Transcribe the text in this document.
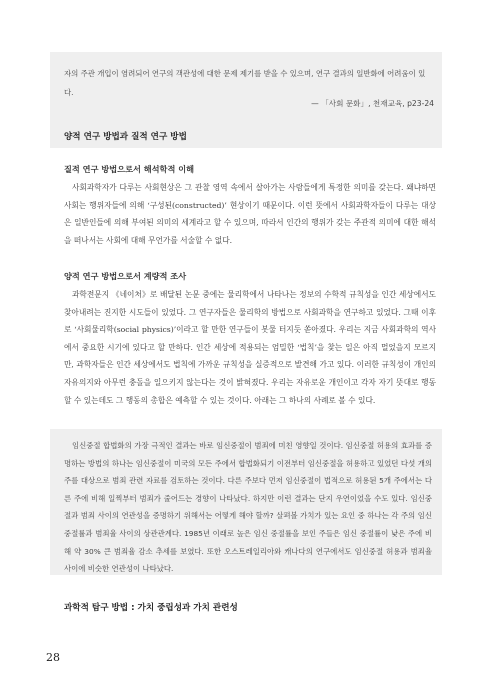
자의 주관 개입이 염려되어 연구의 객관성에 대한 문제 제기를 받을 수 있으며, 연구 결과의 일반화에 어려움이 있다.
— 「사회 문화」, 천재교육, p23-24
양적 연구 방법과 질적 연구 방법
질적 연구 방법으로서 해석학적 이해

사회과학자가 다루는 사회현상은 그 관찰 영역 속에서 살아가는 사람들에게 특정한 의미를 갖는다. 왜냐하면 사회는 행위자들에 의해 ‘구성된(constructed)’ 현상이기 때문이다. 이런 뜻에서 사회과학자들이 다루는 대상은 일반인들에 의해 부여된 의미의 세계라고 할 수 있으며, 따라서 인간의 행위가 갖는 주관적 의미에 대한 해석을 떠나서는 사회에 대해 무언가를 서술할 수 없다.

양적 연구 방법으로서 계량적 조사

과학전문지 《네이처》로 배달된 논문 중에는 물리학에서 나타나는 정보의 수학적 규칙성을 인간 세상에서도 찾아내려는 진지한 시도들이 있었다. 그 연구자들은 물리학의 방법으로 사회과학을 연구하고 있었다. 그때 이후로 ‘사회물리학(social physics)’이라고 할 만한 연구들이 봇물 터지듯 쏟아졌다. 우리는 지금 사회과학의 역사에서 중요한 시기에 있다고 할 만하다. 인간 세상에 적용되는 엄밀한 ‘법칙’을 찾는 일은 아직 멀었을지 모르지만, 과학자들은 인간 세상에서도 법칙에 가까운 규칙성을 실증적으로 발견해 가고 있다. 이러한 규칙성이 개인의 자유의지와 아무런 충돌을 일으키지 않는다는 것이 밝혀졌다. 우리는 자유로운 개인이고 각자 자기 뜻대로 행동할 수 있는데도 그 행동의 총합은 예측할 수 있는 것이다. 아래는 그 하나의 사례로 볼 수 있다.

임신중절 합법화의 가장 극적인 결과는 바로 임신중절이 범죄에 미친 영향일 것이다. 임신중절 허용의 효과를 증명하는 방법의 하나는 임신중절이 미국의 모든 주에서 합법화되기 이전부터 임신중절을 허용하고 있었던 다섯 개의 주를 대상으로 범죄 관련 자료를 검토하는 것이다. 다른 주보다 먼저 임신중절이 법적으로 허용된 5개 주에서는 다른 주에 비해 일찍부터 범죄가 줄어드는 경향이 나타났다. 하지만 이런 결과는 단지 우연이었을 수도 있다. 임신중절과 범죄 사이의 연관성을 증명하기 위해서는 어떻게 해야 할까? 살펴볼 가치가 있는 요인 중 하나는 각 주의 임신 중절률과 범죄율 사이의 상관관계다. 1985년 이래로 높은 임신 중절률을 보인 주들은 임신 중절률이 낮은 주에 비해 약 30% 큰 범죄율 감소 추세를 보였다. 또한 오스트레일리아와 캐나다의 연구에서도 임신중절 허용과 범죄율 사이에 비슷한 연관성이 나타났다.

과학적 탐구 방법 : 가치 중립성과 가치 관련성
28
